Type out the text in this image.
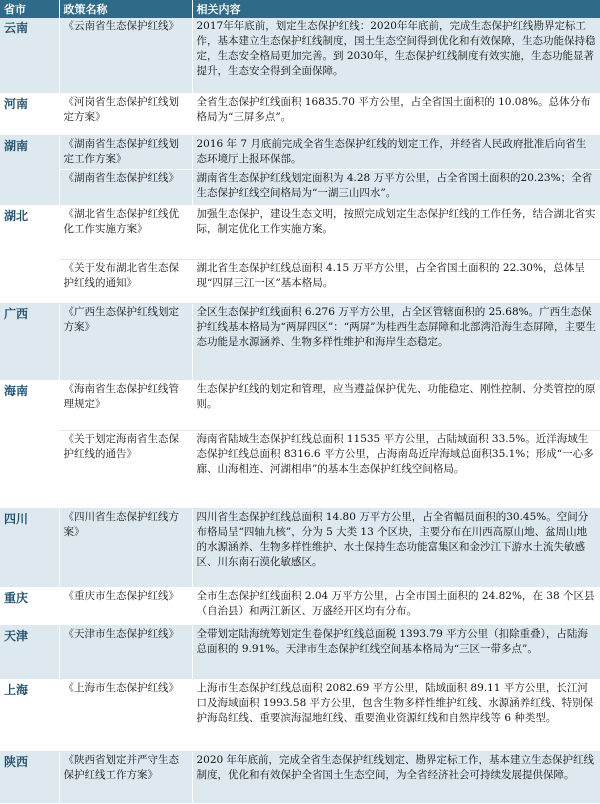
省市	政策名称	相关内容
云南	《云南省生态保护红线》	2017年年底前，划定生态保护红线：2020年年底前，完成生态保护红线勘界定标工作，基本建立生态保护红线制度，国土生态空间得到优化和有效保障，生态功能保持稳定，生态安全格局更加完善。到 2030年，生态保护红线制度有效实施，生态功能显著提升，生态安全得到全面保障。
河南	《河岗省生态保护红线划定方案》	全省生态保护红线面积 16835.70 平方公里，占全省国土面积的 10.08%。总体分布格局为“三屏多点”。
湖南	《湖南省生态保护红线划定工作方案》	2016 年 7 月底前完成全省生态保护红线的划定工作，并经省人民政府批准后向省生态环境厅上报环保部。
	《湖南省生态保护红线》	湖南省生态保护红线划定面积为 4.28 万平方公里，占全省国土面积的20.23%；全省生态保护红线空间格局为“一湖三山四水”。
湖北	《湖北省生态保护红线优化工作实施方案》	加强生态保护，建设生态文明，按照完成划定生态保护红线的工作任务，结合湖北省实际，制定优化工作实施方案。
	《关于发布湖北省生态保护红线的通知》	湖北省生态保护红线总面积 4.15 万平方公里，占全省国土面积的 22.30%，总体呈现“四屏三江一区”基本格局。
广西	《广西生态保护红线划定方案》	全区生态保护红线面积 6.276 万平方公里，占全区管辖面积的 25.68%。广西生态保护红线基本格局为“两屏四区”：“两屏”为桂西生态屏障和北部湾沿海生态屏障，主要生态功能是水源涵养、生物多样性维护和海岸生态稳定。
海南	《海南省生态保护红线管理规定》	生态保护红线的划定和管理，应当遵益保护优先、功能稳定、刚性控制、分类管控的原则。
	《关于划定海南省生态保护红线的通告》	海南省陆域生态保护红线总面积 11535 平方公里，占陆域面积 33.5%。近洋海域生态保护红线总面积 8316.6 平方公里，占海南岛近岸海域总面积35.1%；形成“一心多廊、山海相连、河湖相串”的基本生态保护红线空间格局。
四川	《四川省生态保护红线方案》	四川省生态保护红线总面积 14.80 万平方公里，占全省幅员面积的30.45%。空间分布格局呈“四轴九核”，分为 5 大类 13 个区块，主要分布在川西高原山地、盆周山地的水源涵养、生物多样性维护、水土保持生态功能富集区和金沙江下游水土流失敏感区、川东南石漠化敏感区。
重庆	《重庆市生态保护红线》	全市生态保护红线面积 2.04 万平方公里，占全市国土面积的 24.82%，在 38 个区县（自治县）和两江新区、万盛经开区均有分布。
天津	《天津市生态保护红线》	全带划定陆海统筹划定生卷保护红线总面税 1393.79 平方公里（扣除重叠），占陆海总面积的 9.91%。天津市生态保护红线空间基本格局为“三区一带多点”。
上海	《上海市生态保护红线》	上海市生态保护红线总面积 2082.69 平方公里，陆域面积 89.11 平方公里，长江河口及海域面积 1993.58 平方公里，包含生物多样性维护红线、水源涵养红线、特别保护海岛红线、重要滨海湿地红线、重要渔业资源红线和自然岸线等 6 种类型。
陕西	《陕西省划定并严守生态保护红线工作方案》	2020 年年底前，完成全省生态保护红线划定、勘界定标工作，基本建立生态保护红线制度，优化和有效保护全省国土生态空间，为全省经济社会可持续发展提供保障。
